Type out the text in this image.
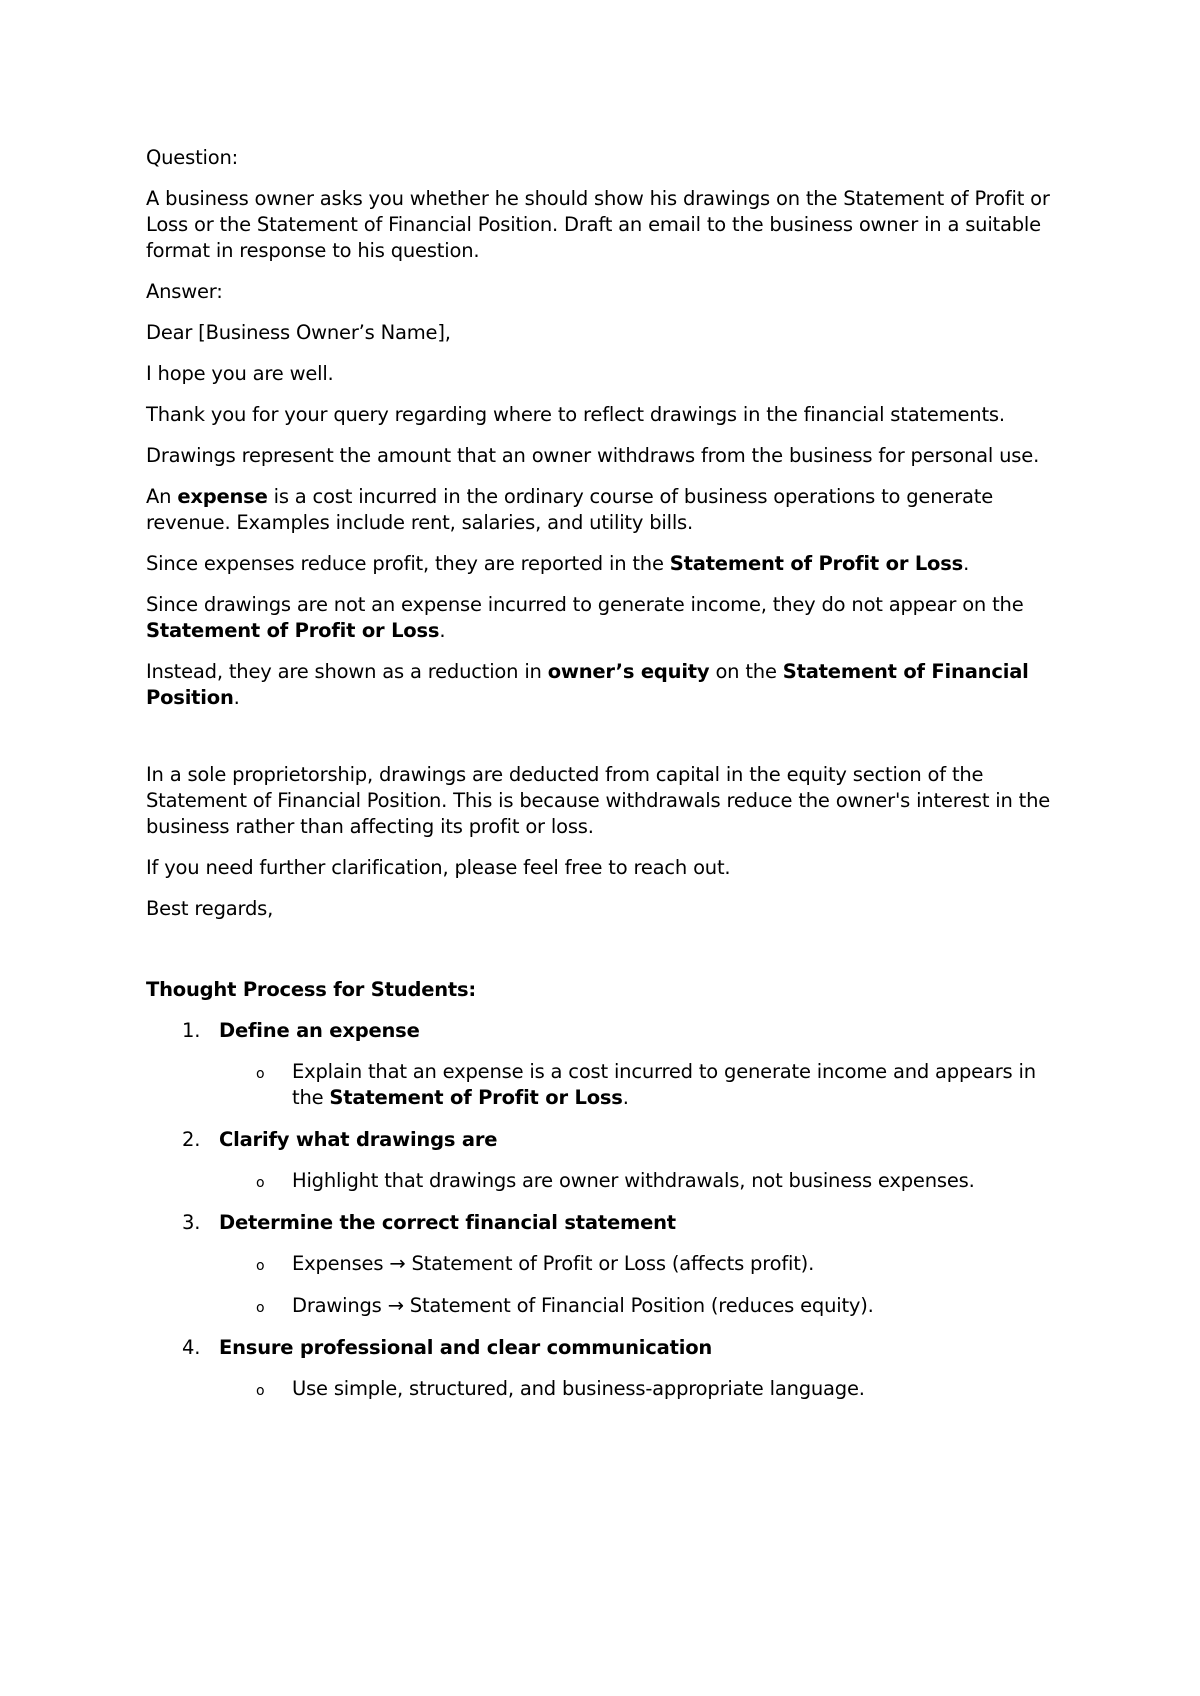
Question:

A business owner asks you whether he should show his drawings on the Statement of Profit or Loss or the Statement of Financial Position. Draft an email to the business owner in a suitable format in response to his question.

Answer:

Dear [Business Owner’s Name],

I hope you are well.

Thank you for your query regarding where to reflect drawings in the financial statements.

Drawings represent the amount that an owner withdraws from the business for personal use.

An expense is a cost incurred in the ordinary course of business operations to generate revenue. Examples include rent, salaries, and utility bills.

Since expenses reduce profit, they are reported in the Statement of Profit or Loss.

Since drawings are not an expense incurred to generate income, they do not appear on the Statement of Profit or Loss.

Instead, they are shown as a reduction in owner’s equity on the Statement of Financial Position.

In a sole proprietorship, drawings are deducted from capital in the equity section of the Statement of Financial Position. This is because withdrawals reduce the owner's interest in the business rather than affecting its profit or loss.

If you need further clarification, please feel free to reach out.

Best regards,

Thought Process for Students:
1. Define an expense
o Explain that an expense is a cost incurred to generate income and appears in the Statement of Profit or Loss.
2. Clarify what drawings are
o Highlight that drawings are owner withdrawals, not business expenses.
3. Determine the correct financial statement
o Expenses → Statement of Profit or Loss (affects profit).
o Drawings → Statement of Financial Position (reduces equity).
4. Ensure professional and clear communication
o Use simple, structured, and business-appropriate language.
